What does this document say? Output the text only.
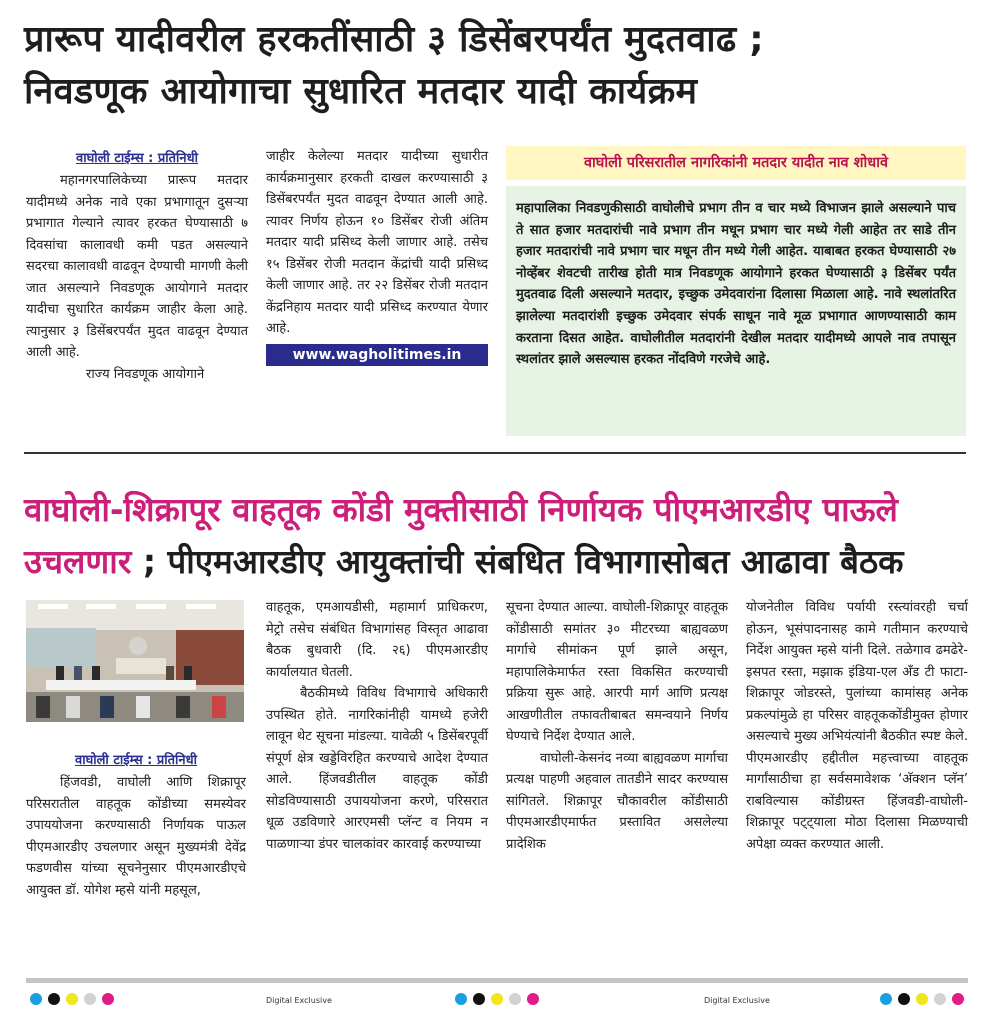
प्रारूप यादीवरील हरकतींसाठी ३ डिसेंबरपर्यंत मुदतवाढ ;
निवडणूक आयोगाचा सुधारित मतदार यादी कार्यक्रम
वाघोली टाईम्स : प्रतिनिधी

महानगरपालिकेच्या प्रारूप मतदार यादीमध्ये अनेक नावे एका प्रभागातून दुसऱ्या प्रभागात गेल्याने त्यावर हरकत घेण्यासाठी ७ दिवसांचा कालावधी कमी पडत असल्याने सदरचा कालावधी वाढवून देण्याची मागणी केली जात असल्याने निवडणूक आयोगाने मतदार यादीचा सुधारित कार्यक्रम जाहीर केला आहे. त्यानुसार ३ डिसेंबरपर्यंत मुदत वाढवून देण्यात आली आहे.

राज्य निवडणूक आयोगाने

जाहीर केलेल्या मतदार यादीच्या सुधारीत कार्यक्रमानुसार हरकती दाखल करण्यासाठी ३ डिसेंबरपर्यंत मुदत वाढवून देण्यात आली आहे. त्यावर निर्णय होऊन १० डिसेंबर रोजी अंतिम मतदार यादी प्रसिध्द केली जाणार आहे. तसेच १५ डिसेंबर रोजी मतदान केंद्रांची यादी प्रसिध्द केली जाणार आहे. तर २२ डिसेंबर रोजी मतदान केंद्रनिहाय मतदार यादी प्रसिध्द करण्यात येणार आहे.

www.wagholitimes.in
वाघोली परिसरातील नागरिकांनी मतदार यादीत नाव शोधावे
महापालिका निवडणुकीसाठी वाघोलीचे प्रभाग तीन व चार मध्ये विभाजन झाले असल्याने पाच ते सात हजार मतदारांची नावे प्रभाग तीन मधून प्रभाग चार मध्ये गेली आहेत तर साडे तीन हजार मतदारांची नावे प्रभाग चार मधून तीन मध्ये गेली आहेत. याबाबत हरकत घेण्यासाठी २७ नोव्हेंबर शेवटची तारीख होती मात्र निवडणूक आयोगाने हरकत घेण्यासाठी ३ डिसेंबर पर्यंत मुदतवाढ दिली असल्याने मतदार, इच्छुक उमेदवारांना दिलासा मिळाला आहे. नावे स्थलांतरित झालेल्या मतदारांशी इच्छुक उमेदवार संपर्क साधून नावे मूळ प्रभागात आणण्यासाठी काम करताना दिसत आहेत. वाघोलीतील मतदारांनी देखील मतदार यादीमध्ये आपले नाव तपासून स्थलांतर झाले असल्यास हरकत नोंदविणे गरजेचे आहे.
वाघोली-शिक्रापूर वाहतूक कोंडी मुक्तीसाठी निर्णायक पीएमआरडीए पाऊले उचलणार ; पीएमआरडीए आयुक्तांची संबधित विभागासोबत आढावा बैठक
वाघोली टाईम्स : प्रतिनिधी

हिंजवडी, वाघोली आणि शिक्रापूर परिसरातील वाहतूक कोंडीच्या समस्येवर उपाययोजना करण्यासाठी निर्णायक पाऊल पीएमआरडीए उचलणार असून मुख्यमंत्री देवेंद्र फडणवीस यांच्या सूचनेनुसार पीएमआरडीएचे आयुक्त डॉ. योगेश म्हसे यांनी महसूल,

वाहतूक, एमआयडीसी, महामार्ग प्राधिकरण, मेट्रो तसेच संबंधित विभागांसह विस्तृत आढावा बैठक बुधवारी (दि. २६) पीएमआरडीए कार्यालयात घेतली.

बैठकीमध्ये विविध विभागाचे अधिकारी उपस्थित होते. नागरिकांनीही यामध्ये हजेरी लावून थेट सूचना मांडल्या. यावेळी ५ डिसेंबरपूर्वी संपूर्ण क्षेत्र खड्डेविरहित करण्याचे आदेश देण्यात आले. हिंजवडीतील वाहतूक कोंडी सोडविण्यासाठी उपाययोजना करणे, परिसरात धूळ उडविणारे आरएमसी प्लॅन्ट व नियम न पाळणाऱ्या डंपर चालकांवर कारवाई करण्याच्या

सूचना देण्यात आल्या. वाघोली-शिक्रापूर वाहतूक कोंडीसाठी समांतर ३० मीटरच्या बाह्यवळण मार्गाचे सीमांकन पूर्ण झाले असून, महापालिकेमार्फत रस्ता विकसित करण्याची प्रक्रिया सुरू आहे. आरपी मार्ग आणि प्रत्यक्ष आखणीतील तफावतीबाबत समन्वयाने निर्णय घेण्याचे निर्देश देण्यात आले.

वाघोली-केसनंद नव्या बाह्यवळण मार्गाचा प्रत्यक्ष पाहणी अहवाल तातडीने सादर करण्यास सांगितले. शिक्रापूर चौकावरील कोंडीसाठी पीएमआरडीएमार्फत प्रस्तावित असलेल्या प्रादेशिक

योजनेतील विविध पर्यायी रस्त्यांवरही चर्चा होऊन, भूसंपादनासह कामे गतीमान करण्याचे निर्देश आयुक्त म्हसे यांनी दिले. तळेगाव ढमढेरे-इसपत रस्ता, मझाक इंडिया-एल अँड टी फाटा-शिक्रापूर जोडरस्ते, पुलांच्या कामांसह अनेक प्रकल्पांमुळे हा परिसर वाहतूककोंडीमुक्त होणार असल्याचे मुख्य अभियंत्यांनी बैठकीत स्पष्ट केले. पीएमआरडीए हद्दीतील महत्त्वाच्या वाहतूक मार्गांसाठीचा हा सर्वसमावेशक ‘अ‍ॅक्शन प्लॅन’ राबविल्यास कोंडीग्रस्त हिंजवडी-वाघोली-शिक्रापूर पट्ट्याला मोठा दिलासा मिळण्याची अपेक्षा व्यक्त करण्यात आली.

Digital Exclusive	Digital Exclusive
